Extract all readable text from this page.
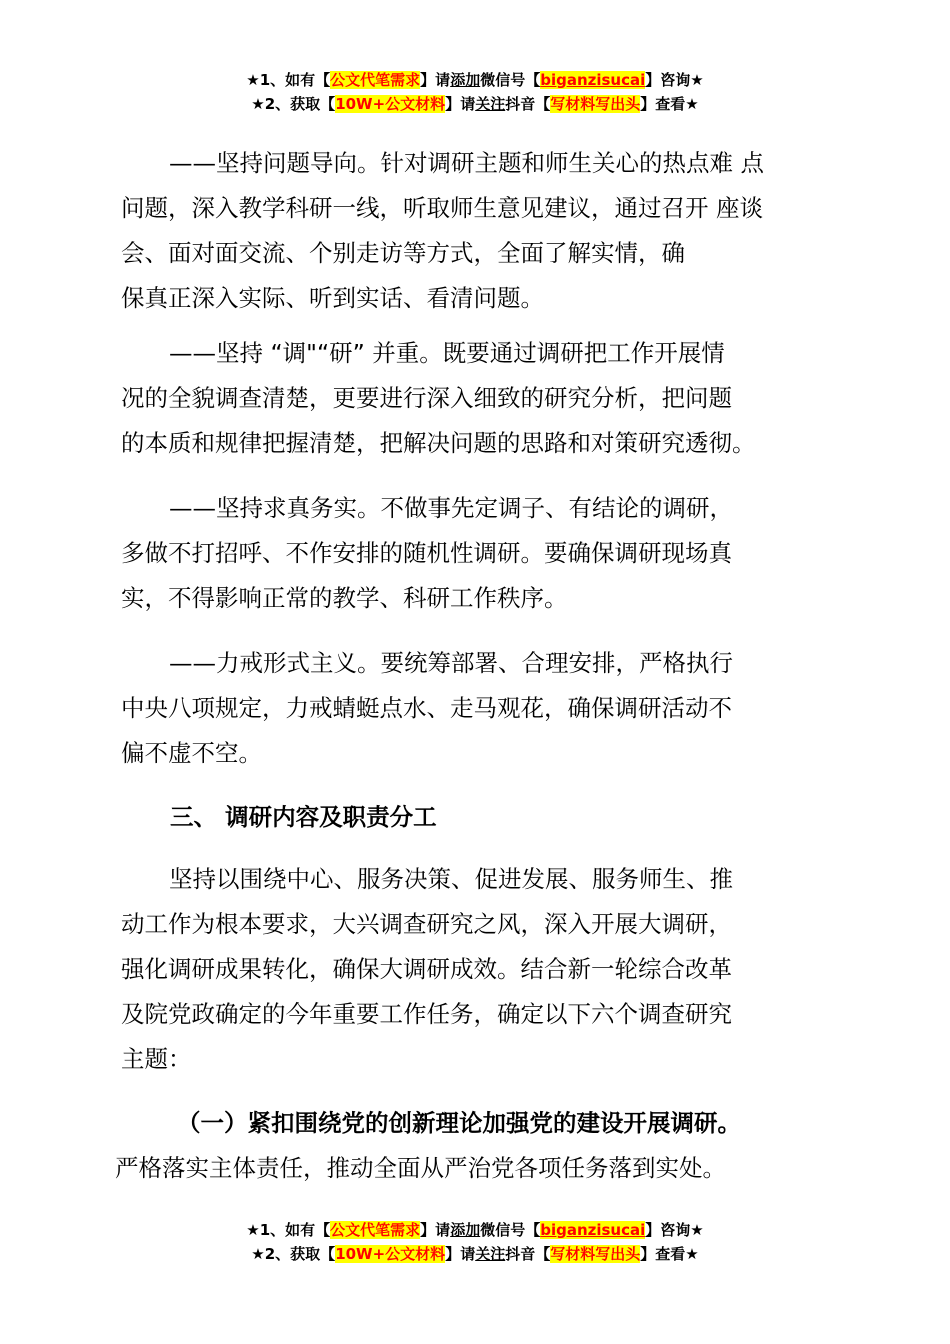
★1、如有【公文代笔需求】请添加微信号【biganzisucai】咨询★
★2、获取【10W+公文材料】请关注抖音【写材料写出头】查看★
——坚持问题导向。针对调研主题和师生关心的热点难 点
问题，深入教学科研一线，听取师生意见建议，通过召开 座谈
会、面对面交流、个别走访等方式，全面了解实情，确
保真正深入实际、听到实话、看清问题。
——坚持 “调"“研” 并重。既要通过调研把工作开展情
况的全貌调查清楚，更要进行深入细致的研究分析，把问题
的本质和规律把握清楚，把解决问题的思路和对策研究透彻。
——坚持求真务实。不做事先定调子、有结论的调研，
多做不打招呼、不作安排的随机性调研。要确保调研现场真
实，不得影响正常的教学、科研工作秩序。
——力戒形式主义。要统筹部署、合理安排，严格执行
中央八项规定，力戒蜻蜓点水、走马观花，确保调研活动不
偏不虚不空。
三、 调研内容及职责分工
坚持以围绕中心、服务决策、促进发展、服务师生、推
动工作为根本要求，大兴调查研究之风，深入开展大调研，
强化调研成果转化，确保大调研成效。结合新一轮综合改革
及院党政确定的今年重要工作任务，确定以下六个调查研究
主题：
（一）紧扣围绕党的创新理论加强党的建设开展调研。
严格落实主体责任，推动全面从严治党各项任务落到实处。
★1、如有【公文代笔需求】请添加微信号【biganzisucai】咨询★
★2、获取【10W+公文材料】请关注抖音【写材料写出头】查看★
